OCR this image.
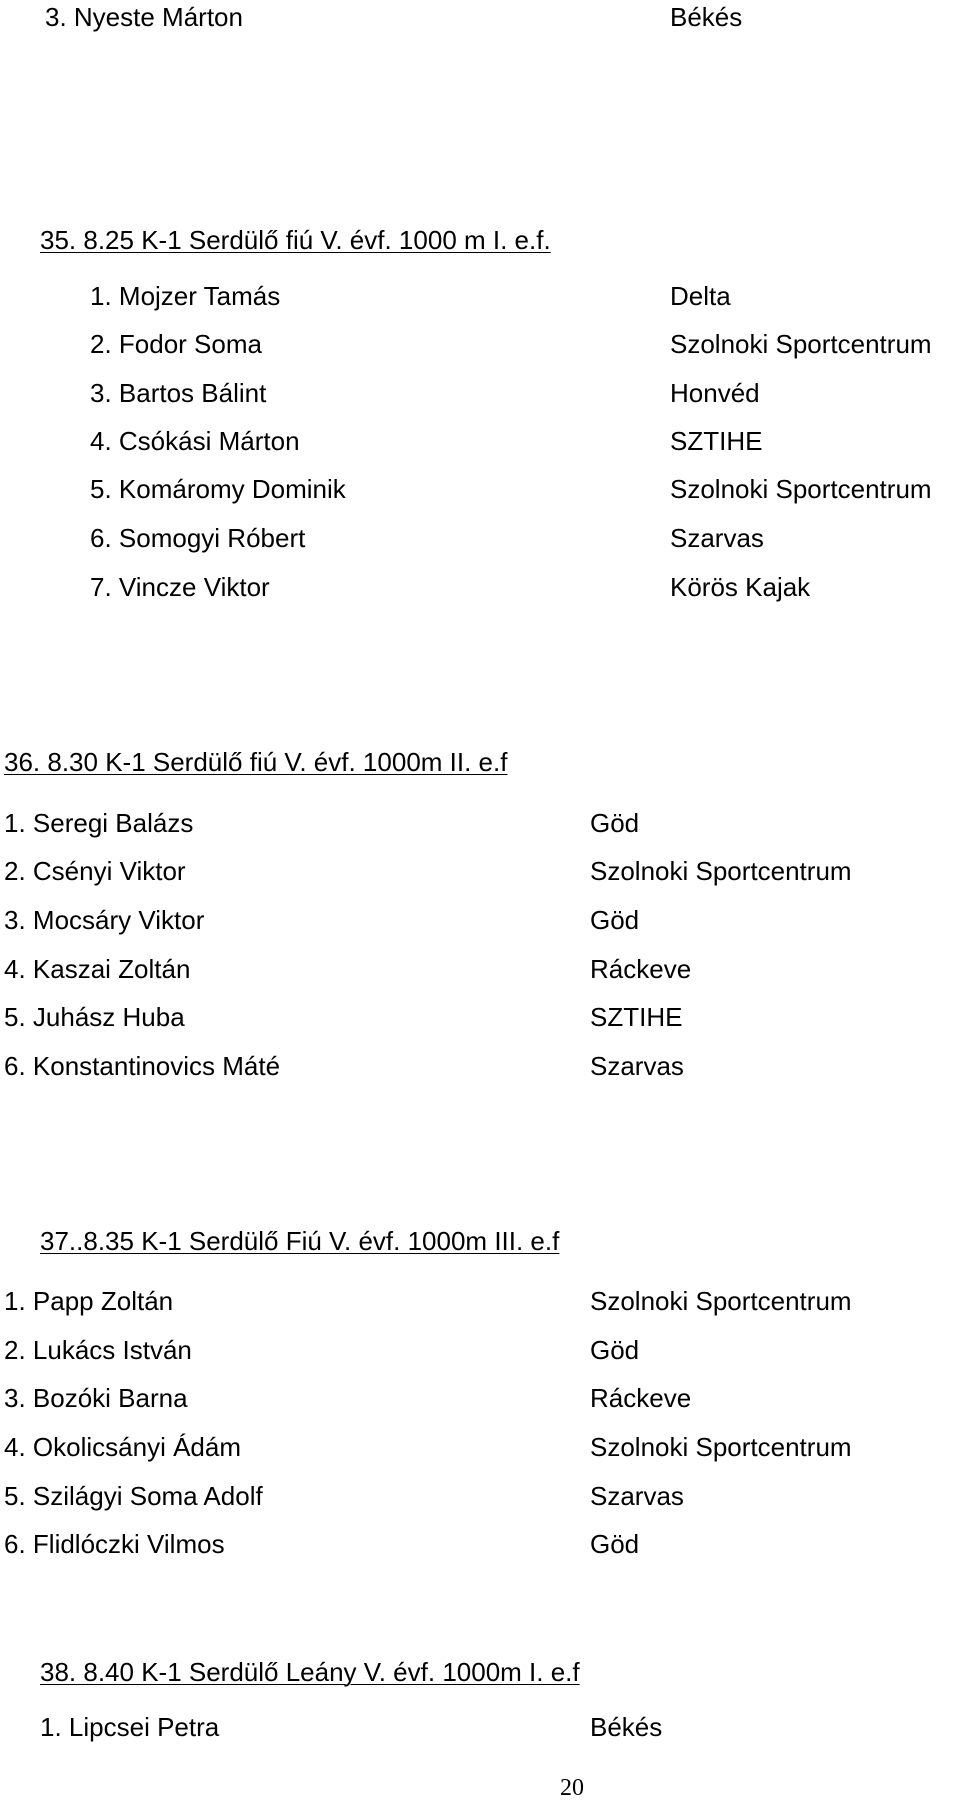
3. Nyeste Márton	Békés
35. 8.25 K-1 Serdülő fiú V. évf. 1000 m I. e.f.
1. Mojzer Tamás	Delta
2. Fodor Soma	Szolnoki Sportcentrum
3. Bartos Bálint	Honvéd
4. Csókási Márton	SZTIHE
5. Komáromy Dominik	Szolnoki Sportcentrum
6. Somogyi Róbert	Szarvas
7. Vincze Viktor	Körös Kajak
36. 8.30 K-1 Serdülő fiú V. évf. 1000m II. e.f
1. Seregi Balázs	Göd
2. Csényi Viktor	Szolnoki Sportcentrum
3. Mocsáry Viktor	Göd
4. Kaszai Zoltán	Ráckeve
5. Juhász Huba	SZTIHE
6. Konstantinovics Máté	Szarvas
37..8.35 K-1 Serdülő Fiú V. évf. 1000m III. e.f
1. Papp Zoltán	Szolnoki Sportcentrum
2. Lukács István	Göd
3. Bozóki Barna	Ráckeve
4. Okolicsányi Ádám	Szolnoki Sportcentrum
5. Szilágyi Soma Adolf	Szarvas
6. Flidlóczki Vilmos	Göd
38. 8.40 K-1 Serdülő Leány V. évf. 1000m I. e.f
1. Lipcsei Petra	Békés
20
